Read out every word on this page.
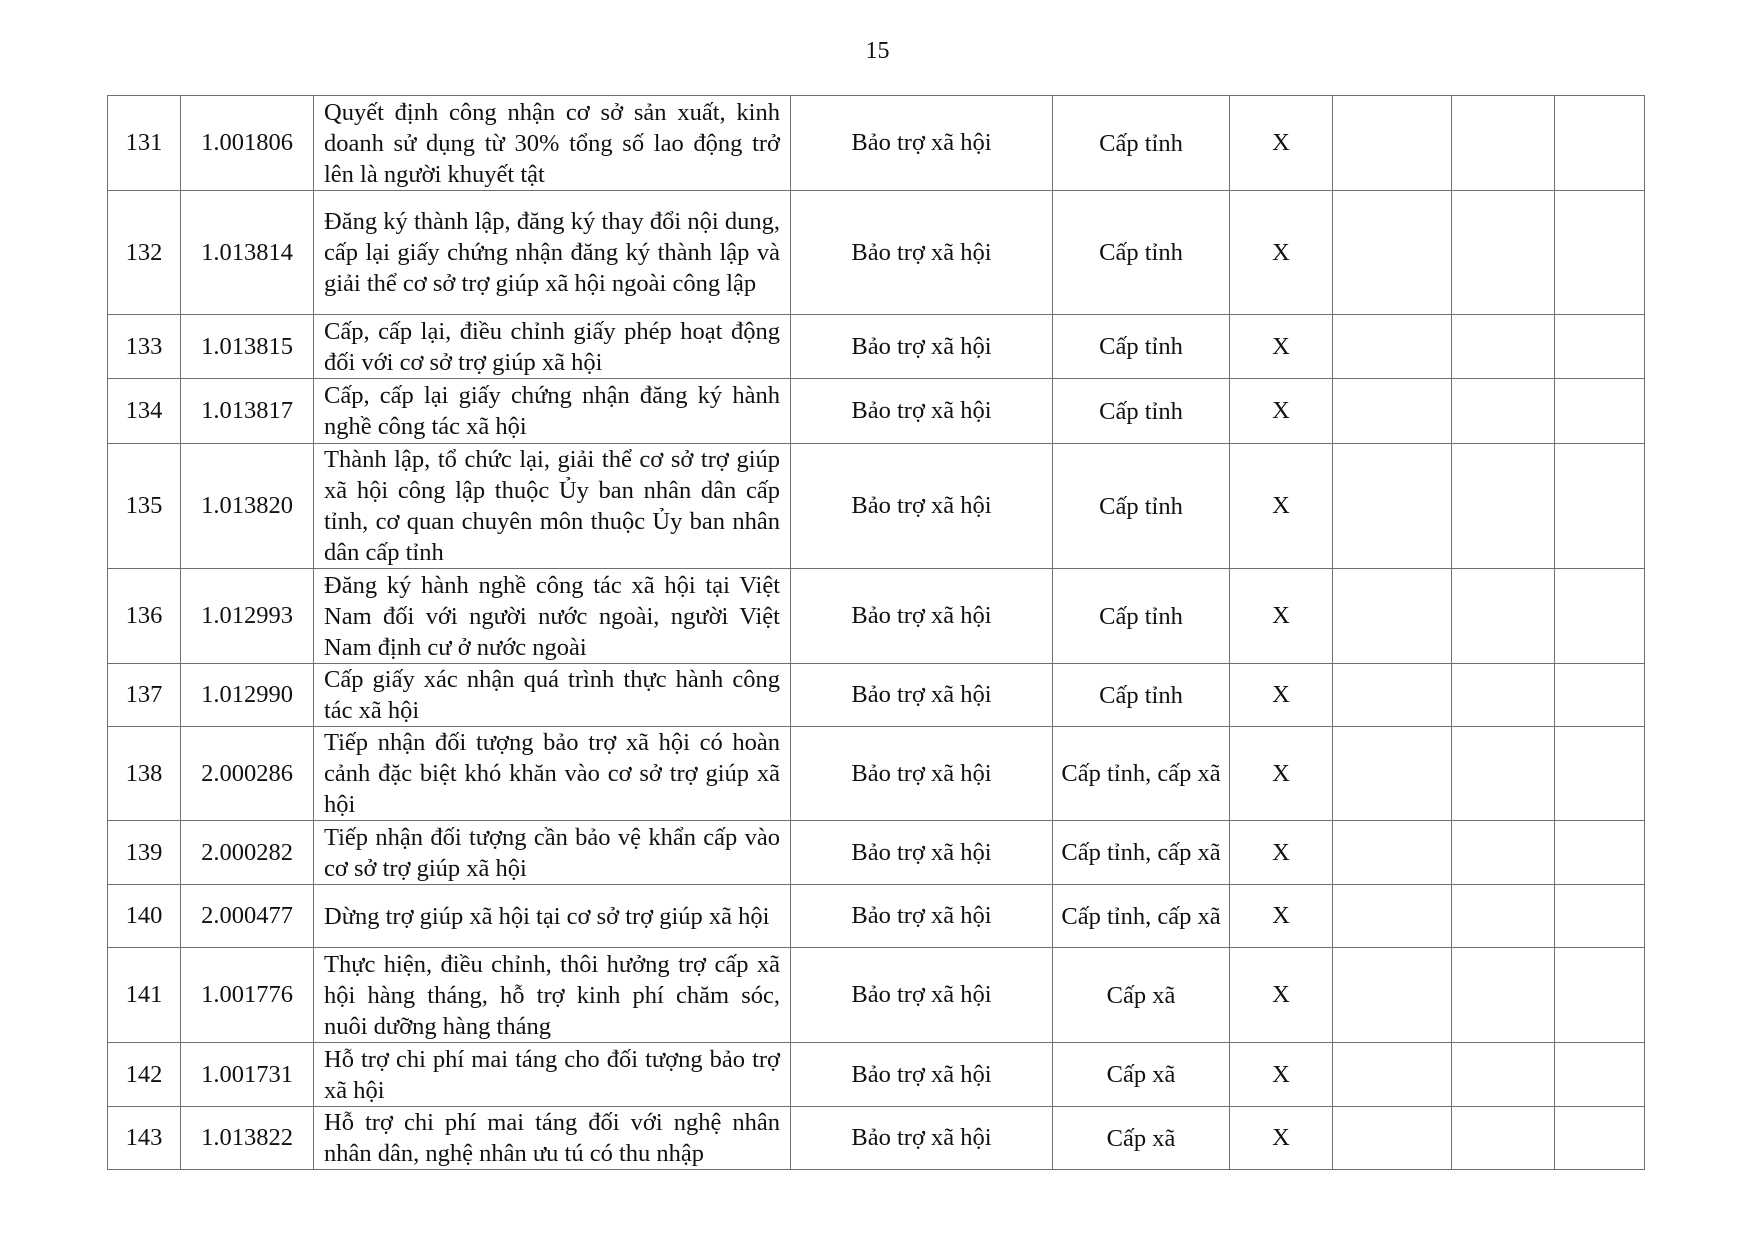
15
131	1.001806	Quyết định công nhận cơ sở sản xuất, kinh doanh sử dụng từ 30% tổng số lao động trở lên là người khuyết tật	Bảo trợ xã hội	Cấp tỉnh	X			
132	1.013814	Đăng ký thành lập, đăng ký thay đổi nội dung, cấp lại giấy chứng nhận đăng ký thành lập và giải thể cơ sở trợ giúp xã hội ngoài công lập	Bảo trợ xã hội	Cấp tỉnh	X			
133	1.013815	Cấp, cấp lại, điều chỉnh giấy phép hoạt động đối với cơ sở trợ giúp xã hội	Bảo trợ xã hội	Cấp tỉnh	X			
134	1.013817	Cấp, cấp lại giấy chứng nhận đăng ký hành nghề công tác xã hội	Bảo trợ xã hội	Cấp tỉnh	X			
135	1.013820	Thành lập, tổ chức lại, giải thể cơ sở trợ giúp xã hội công lập thuộc Ủy ban nhân dân cấp tỉnh, cơ quan chuyên môn thuộc Ủy ban nhân dân cấp tỉnh	Bảo trợ xã hội	Cấp tỉnh	X			
136	1.012993	Đăng ký hành nghề công tác xã hội tại Việt Nam đối với người nước ngoài, người Việt Nam định cư ở nước ngoài	Bảo trợ xã hội	Cấp tỉnh	X			
137	1.012990	Cấp giấy xác nhận quá trình thực hành công tác xã hội	Bảo trợ xã hội	Cấp tỉnh	X			
138	2.000286	Tiếp nhận đối tượng bảo trợ xã hội có hoàn cảnh đặc biệt khó khăn vào cơ sở trợ giúp xã hội	Bảo trợ xã hội	Cấp tỉnh, cấp xã	X			
139	2.000282	Tiếp nhận đối tượng cần bảo vệ khẩn cấp vào cơ sở trợ giúp xã hội	Bảo trợ xã hội	Cấp tỉnh, cấp xã	X			
140	2.000477	Dừng trợ giúp xã hội tại cơ sở trợ giúp xã hội	Bảo trợ xã hội	Cấp tỉnh, cấp xã	X			
141	1.001776	Thực hiện, điều chỉnh, thôi hưởng trợ cấp xã hội hàng tháng, hỗ trợ kinh phí chăm sóc, nuôi dưỡng hàng tháng	Bảo trợ xã hội	Cấp xã	X			
142	1.001731	Hỗ trợ chi phí mai táng cho đối tượng bảo trợ xã hội	Bảo trợ xã hội	Cấp xã	X			
143	1.013822	Hỗ trợ chi phí mai táng đối với nghệ nhân nhân dân, nghệ nhân ưu tú có thu nhập	Bảo trợ xã hội	Cấp xã	X			
